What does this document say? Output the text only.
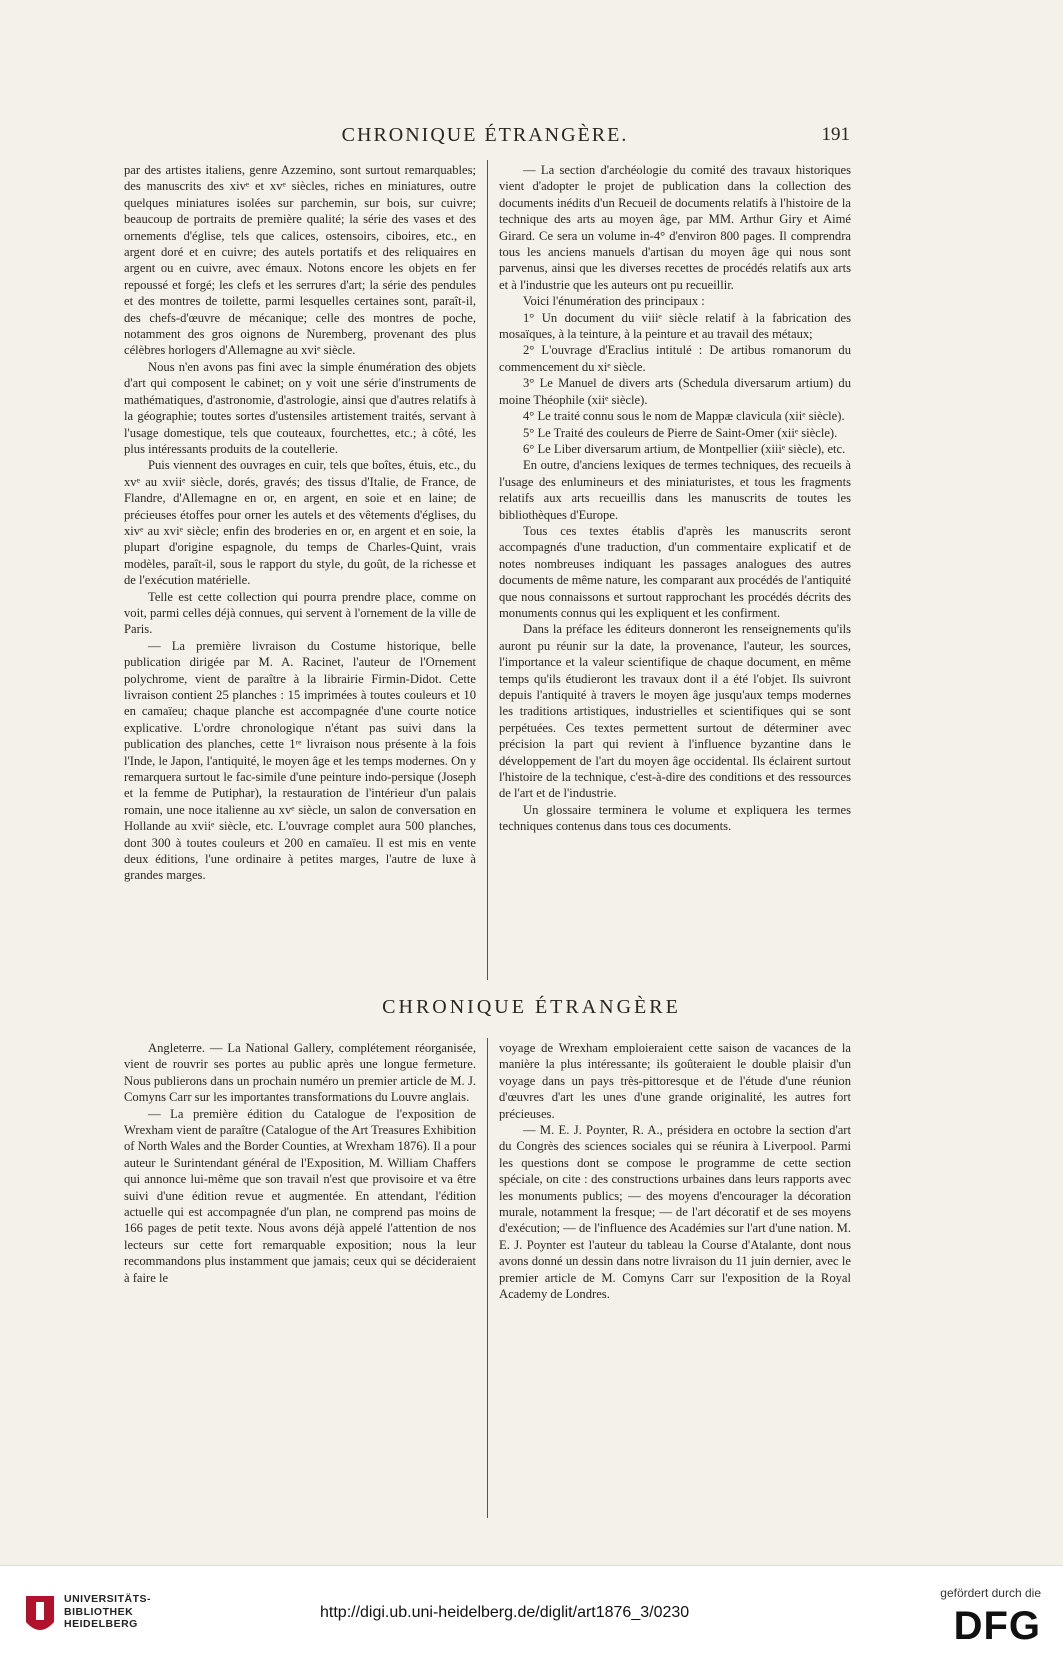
CHRONIQUE ÉTRANGÈRE.	191

par des artistes italiens, genre Azzemino, sont surtout remarquables; des manuscrits des xivᵉ et xvᵉ siècles, riches en miniatures, outre quelques miniatures isolées sur parchemin, sur bois, sur cuivre; beaucoup de portraits de première qualité; la série des vases et des ornements d'église, tels que calices, ostensoirs, ciboires, etc., en argent doré et en cuivre; des autels portatifs et des reliquaires en argent ou en cuivre, avec émaux. Notons encore les objets en fer repoussé et forgé; les clefs et les serrures d'art; la série des pendules et des montres de toilette, parmi lesquelles certaines sont, paraît-il, des chefs-d'œuvre de mécanique; celle des montres de poche, notamment des gros oignons de Nuremberg, provenant des plus célèbres horlogers d'Allemagne au xviᵉ siècle.

Nous n'en avons pas fini avec la simple énumération des objets d'art qui composent le cabinet; on y voit une série d'instruments de mathématiques, d'astronomie, d'astrologie, ainsi que d'autres relatifs à la géographie; toutes sortes d'ustensiles artistement traités, servant à l'usage domestique, tels que couteaux, fourchettes, etc.; à côté, les plus intéressants produits de la coutellerie.

Puis viennent des ouvrages en cuir, tels que boîtes, étuis, etc., du xvᵉ au xviiᵉ siècle, dorés, gravés; des tissus d'Italie, de France, de Flandre, d'Allemagne en or, en argent, en soie et en laine; de précieuses étoffes pour orner les autels et des vêtements d'églises, du xivᵉ au xviᵉ siècle; enfin des broderies en or, en argent et en soie, la plupart d'origine espagnole, du temps de Charles-Quint, vrais modèles, paraît-il, sous le rapport du style, du goût, de la richesse et de l'exécution matérielle.

Telle est cette collection qui pourra prendre place, comme on voit, parmi celles déjà connues, qui servent à l'ornement de la ville de Paris.

— La première livraison du Costume historique, belle publication dirigée par M. A. Racinet, l'auteur de l'Ornement polychrome, vient de paraître à la librairie Firmin-Didot. Cette livraison contient 25 planches : 15 imprimées à toutes couleurs et 10 en camaïeu; chaque planche est accompagnée d'une courte notice explicative. L'ordre chronologique n'étant pas suivi dans la publication des planches, cette 1ʳᵉ livraison nous présente à la fois l'Inde, le Japon, l'antiquité, le moyen âge et les temps modernes. On y remarquera surtout le fac-simile d'une peinture indo-persique (Joseph et la femme de Putiphar), la restauration de l'intérieur d'un palais romain, une noce italienne au xvᵉ siècle, un salon de conversation en Hollande au xviiᵉ siècle, etc. L'ouvrage complet aura 500 planches, dont 300 à toutes couleurs et 200 en camaïeu. Il est mis en vente deux éditions, l'une ordinaire à petites marges, l'autre de luxe à grandes marges.

— La section d'archéologie du comité des travaux historiques vient d'adopter le projet de publication dans la collection des documents inédits d'un Recueil de documents relatifs à l'histoire de la technique des arts au moyen âge, par MM. Arthur Giry et Aimé Girard. Ce sera un volume in-4° d'environ 800 pages. Il comprendra tous les anciens manuels d'artisan du moyen âge qui nous sont parvenus, ainsi que les diverses recettes de procédés relatifs aux arts et à l'industrie que les auteurs ont pu recueillir.

Voici l'énumération des principaux :

1° Un document du viiiᵉ siècle relatif à la fabrication des mosaïques, à la teinture, à la peinture et au travail des métaux;

2° L'ouvrage d'Eraclius intitulé : De artibus romanorum du commencement du xiᵉ siècle.

3° Le Manuel de divers arts (Schedula diversarum artium) du moine Théophile (xiiᵉ siècle).

4° Le traité connu sous le nom de Mappæ clavicula (xiiᵉ siècle).

5° Le Traité des couleurs de Pierre de Saint-Omer (xiiᵉ siècle).

6° Le Liber diversarum artium, de Montpellier (xiiiᵉ siècle), etc.

En outre, d'anciens lexiques de termes techniques, des recueils à l'usage des enlumineurs et des miniaturistes, et tous les fragments relatifs aux arts recueillis dans les manuscrits de toutes les bibliothèques d'Europe.

Tous ces textes établis d'après les manuscrits seront accompagnés d'une traduction, d'un commentaire explicatif et de notes nombreuses indiquant les passages analogues des autres documents de même nature, les comparant aux procédés de l'antiquité que nous connaissons et surtout rapprochant les procédés décrits des monuments connus qui les expliquent et les confirment.

Dans la préface les éditeurs donneront les renseignements qu'ils auront pu réunir sur la date, la provenance, l'auteur, les sources, l'importance et la valeur scientifique de chaque document, en même temps qu'ils étudieront les travaux dont il a été l'objet. Ils suivront depuis l'antiquité à travers le moyen âge jusqu'aux temps modernes les traditions artistiques, industrielles et scientifiques qui se sont perpétuées. Ces textes permettent surtout de déterminer avec précision la part qui revient à l'influence byzantine dans le développement de l'art du moyen âge occidental. Ils éclairent surtout l'histoire de la technique, c'est-à-dire des conditions et des ressources de l'art et de l'industrie.

Un glossaire terminera le volume et expliquera les termes techniques contenus dans tous ces documents.

CHRONIQUE ÉTRANGÈRE

Angleterre. — La National Gallery, complétement réorganisée, vient de rouvrir ses portes au public après une longue fermeture. Nous publierons dans un prochain numéro un premier article de M. J. Comyns Carr sur les importantes transformations du Louvre anglais.

— La première édition du Catalogue de l'exposition de Wrexham vient de paraître (Catalogue of the Art Treasures Exhibition of North Wales and the Border Counties, at Wrexham 1876). Il a pour auteur le Surintendant général de l'Exposition, M. William Chaffers qui annonce lui-même que son travail n'est que provisoire et va être suivi d'une édition revue et augmentée. En attendant, l'édition actuelle qui est accompagnée d'un plan, ne comprend pas moins de 166 pages de petit texte. Nous avons déjà appelé l'attention de nos lecteurs sur cette fort remarquable exposition; nous la leur recommandons plus instamment que jamais; ceux qui se décideraient à faire le

voyage de Wrexham emploieraient cette saison de vacances de la manière la plus intéressante; ils goûteraient le double plaisir d'un voyage dans un pays très-pittoresque et de l'étude d'une réunion d'œuvres d'art les unes d'une grande originalité, les autres fort précieuses.

— M. E. J. Poynter, R. A., présidera en octobre la section d'art du Congrès des sciences sociales qui se réunira à Liverpool. Parmi les questions dont se compose le programme de cette section spéciale, on cite : des constructions urbaines dans leurs rapports avec les monuments publics; — des moyens d'encourager la décoration murale, notamment la fresque; — de l'art décoratif et de ses moyens d'exécution; — de l'influence des Académies sur l'art d'une nation. M. E. J. Poynter est l'auteur du tableau la Course d'Atalante, dont nous avons donné un dessin dans notre livraison du 11 juin dernier, avec le premier article de M. Comyns Carr sur l'exposition de la Royal Academy de Londres.

UNIVERSITÄTS-
BIBLIOTHEK
HEIDELBERG
http://digi.ub.uni-heidelberg.de/diglit/art1876_3/0230
gefördert durch die
DFG
